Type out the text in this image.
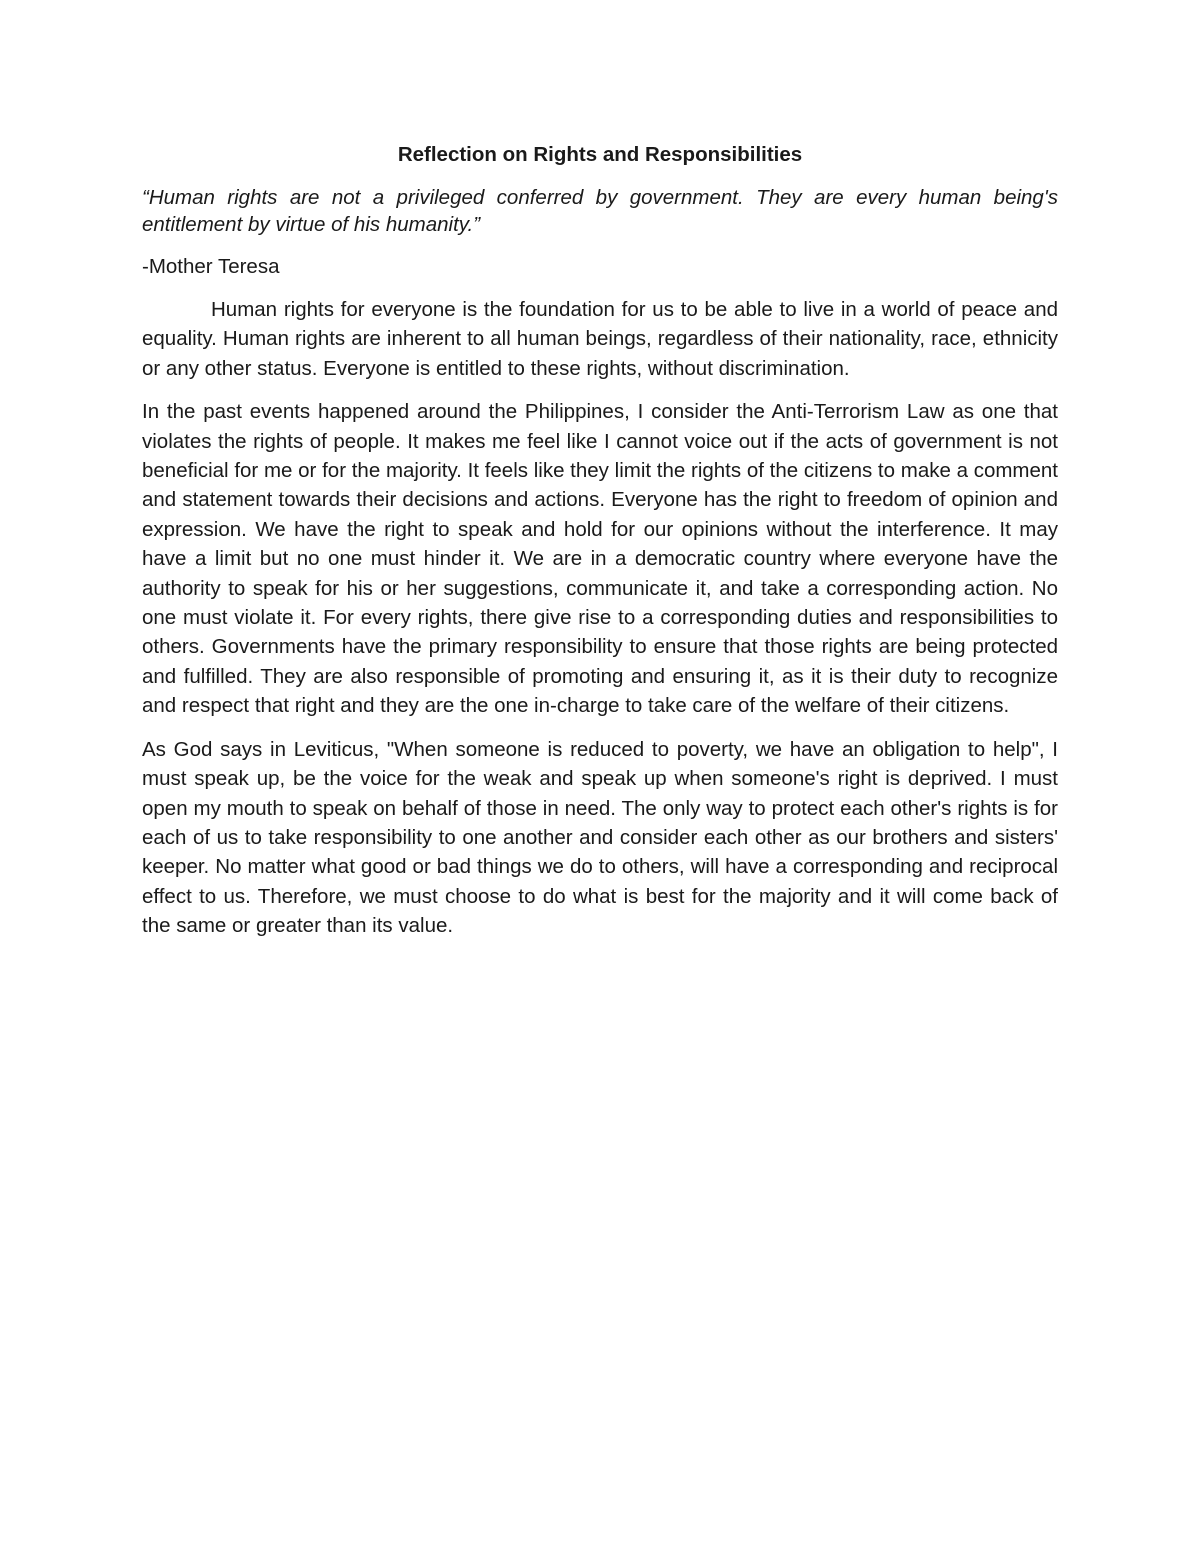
Reflection on Rights and Responsibilities

“Human rights are not a privileged conferred by government. They are every human being's entitlement by virtue of his humanity.”

-Mother Teresa

Human rights for everyone is the foundation for us to be able to live in a world of peace and equality. Human rights are inherent to all human beings, regardless of their nationality, race, ethnicity or any other status. Everyone is entitled to these rights, without discrimination.

In the past events happened around the Philippines, I consider the Anti-Terrorism Law as one that violates the rights of people. It makes me feel like I cannot voice out if the acts of government is not beneficial for me or for the majority. It feels like they limit the rights of the citizens to make a comment and statement towards their decisions and actions. Everyone has the right to freedom of opinion and expression. We have the right to speak and hold for our opinions without the interference. It may have a limit but no one must hinder it. We are in a democratic country where everyone have the authority to speak for his or her suggestions, communicate it, and take a corresponding action. No one must violate it. For every rights, there give rise to a corresponding duties and responsibilities to others. Governments have the primary responsibility to ensure that those rights are being protected and fulfilled. They are also responsible of promoting and ensuring it, as it is their duty to recognize and respect that right and they are the one in-charge to take care of the welfare of their citizens.

As God says in Leviticus, "When someone is reduced to poverty, we have an obligation to help", I must speak up, be the voice for the weak and speak up when someone's right is deprived. I must open my mouth to speak on behalf of those in need. The only way to protect each other's rights is for each of us to take responsibility to one another and consider each other as our brothers and sisters' keeper. No matter what good or bad things we do to others, will have a corresponding and reciprocal effect to us. Therefore, we must choose to do what is best for the majority and it will come back of the same or greater than its value.
